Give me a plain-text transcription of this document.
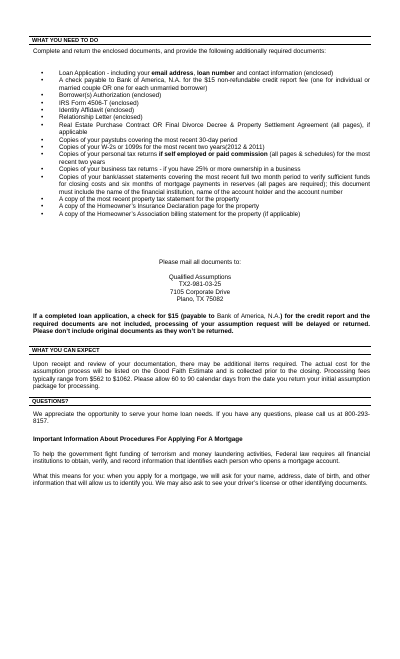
WHAT YOU NEED TO DO
Complete and return the enclosed documents, and provide the following additionally required documents:
• Loan Application - including your email address, loan number and contact information (enclosed)
• A check payable to Bank of America, N.A. for the $15 non-refundable credit report fee (one for individual or married couple OR one for each unmarried borrower)
• Borrower(s) Authorization (enclosed)
• IRS Form 4506-T (enclosed)
• Identity Affidavit (enclosed)
• Relationship Letter (enclosed)
• Real Estate Purchase Contract OR Final Divorce Decree & Property Settlement Agreement (all pages), if applicable
• Copies of your paystubs covering the most recent 30-day period
• Copies of your W-2s or 1099s for the most recent two years(2012 & 2011)
• Copies of your personal tax returns if self employed or paid commission (all pages & schedules) for the most recent two years
• Copies of your business tax returns - if you have 25% or more ownership in a business
• Copies of your bank/asset statements covering the most recent full two month period to verify sufficient funds for closing costs and six months of mortgage payments in reserves (all pages are required); this document must include the name of the financial institution, name of the account holder and the account number
• A copy of the most recent property tax statement for the property
• A copy of the Homeowner’s Insurance Declaration page for the property
• A copy of the Homeowner’s Association billing statement for the property (if applicable)
Please mail all documents to:
Qualified Assumptions
TX2-981-03-25
7105 Corporate Drive
Plano, TX 75082
If a completed loan application, a check for $15 (payable to Bank of America, N.A.) for the credit report and the required documents are not included, processing of your assumption request will be delayed or returned. Please don’t include original documents as they won’t be returned.
WHAT YOU CAN EXPECT
Upon receipt and review of your documentation, there may be additional items required. The actual cost for the assumption process will be listed on the Good Faith Estimate and is collected prior to the closing. Processing fees typically range from $562 to $1062. Please allow 60 to 90 calendar days from the date you return your initial assumption package for processing.
QUESTIONS?
We appreciate the opportunity to serve your home loan needs. If you have any questions, please call us at 800-293-8157.
Important Information About Procedures For Applying For A Mortgage
To help the government fight funding of terrorism and money laundering activities, Federal law requires all financial institutions to obtain, verify, and record information that identifies each person who opens a mortgage account.
What this means for you: when you apply for a mortgage, we will ask for your name, address, date of birth, and other information that will allow us to identify you. We may also ask to see your driver’s license or other identifying documents.
